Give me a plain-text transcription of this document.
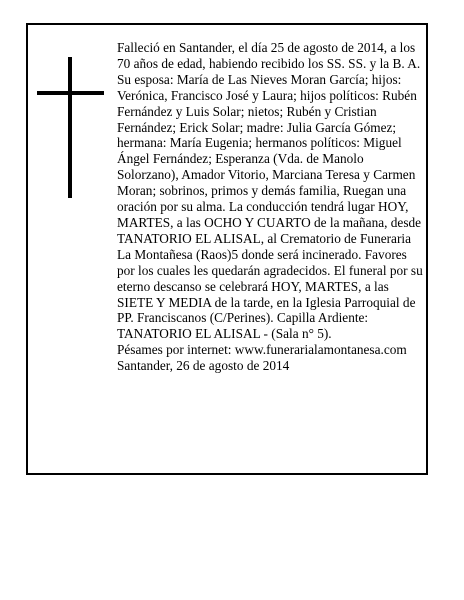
Falleció en Santander, el día 25 de agosto de 2014, a los 70 años de edad, habiendo recibido los SS. SS. y la B. A.

Su esposa: María de Las Nieves Moran García; hijos: Verónica, Francisco José y Laura; hijos políticos: Rubén Fernández y Luis Solar; nietos; Rubén y Cristian Fernández; Erick Solar; madre: Julia García Gómez; hermana: María Eugenia; hermanos políticos: Miguel Ángel Fernández; Esperanza (Vda. de Manolo Solorzano), Amador Vitorio, Marciana Teresa y Carmen Moran; sobrinos, primos y demás familia, Ruegan una oración por su alma. La conducción tendrá lugar HOY, MARTES, a las OCHO Y CUARTO de la mañana, desde TANATORIO EL ALISAL, al Crematorio de Funeraria La Montañesa (Raos)5 donde será incinerado. Favores por los cuales les quedarán agradecidos. El funeral por su eterno descanso se celebrará HOY, MARTES, a las SIETE Y MEDIA de la tarde, en la Iglesia Parroquial de PP. Franciscanos (C/Perines). Capilla Ardiente: TANATORIO EL ALISAL - (Sala n° 5).

Pésames por internet: www.funerarialamontanesa.com

Santander, 26 de agosto de 2014
